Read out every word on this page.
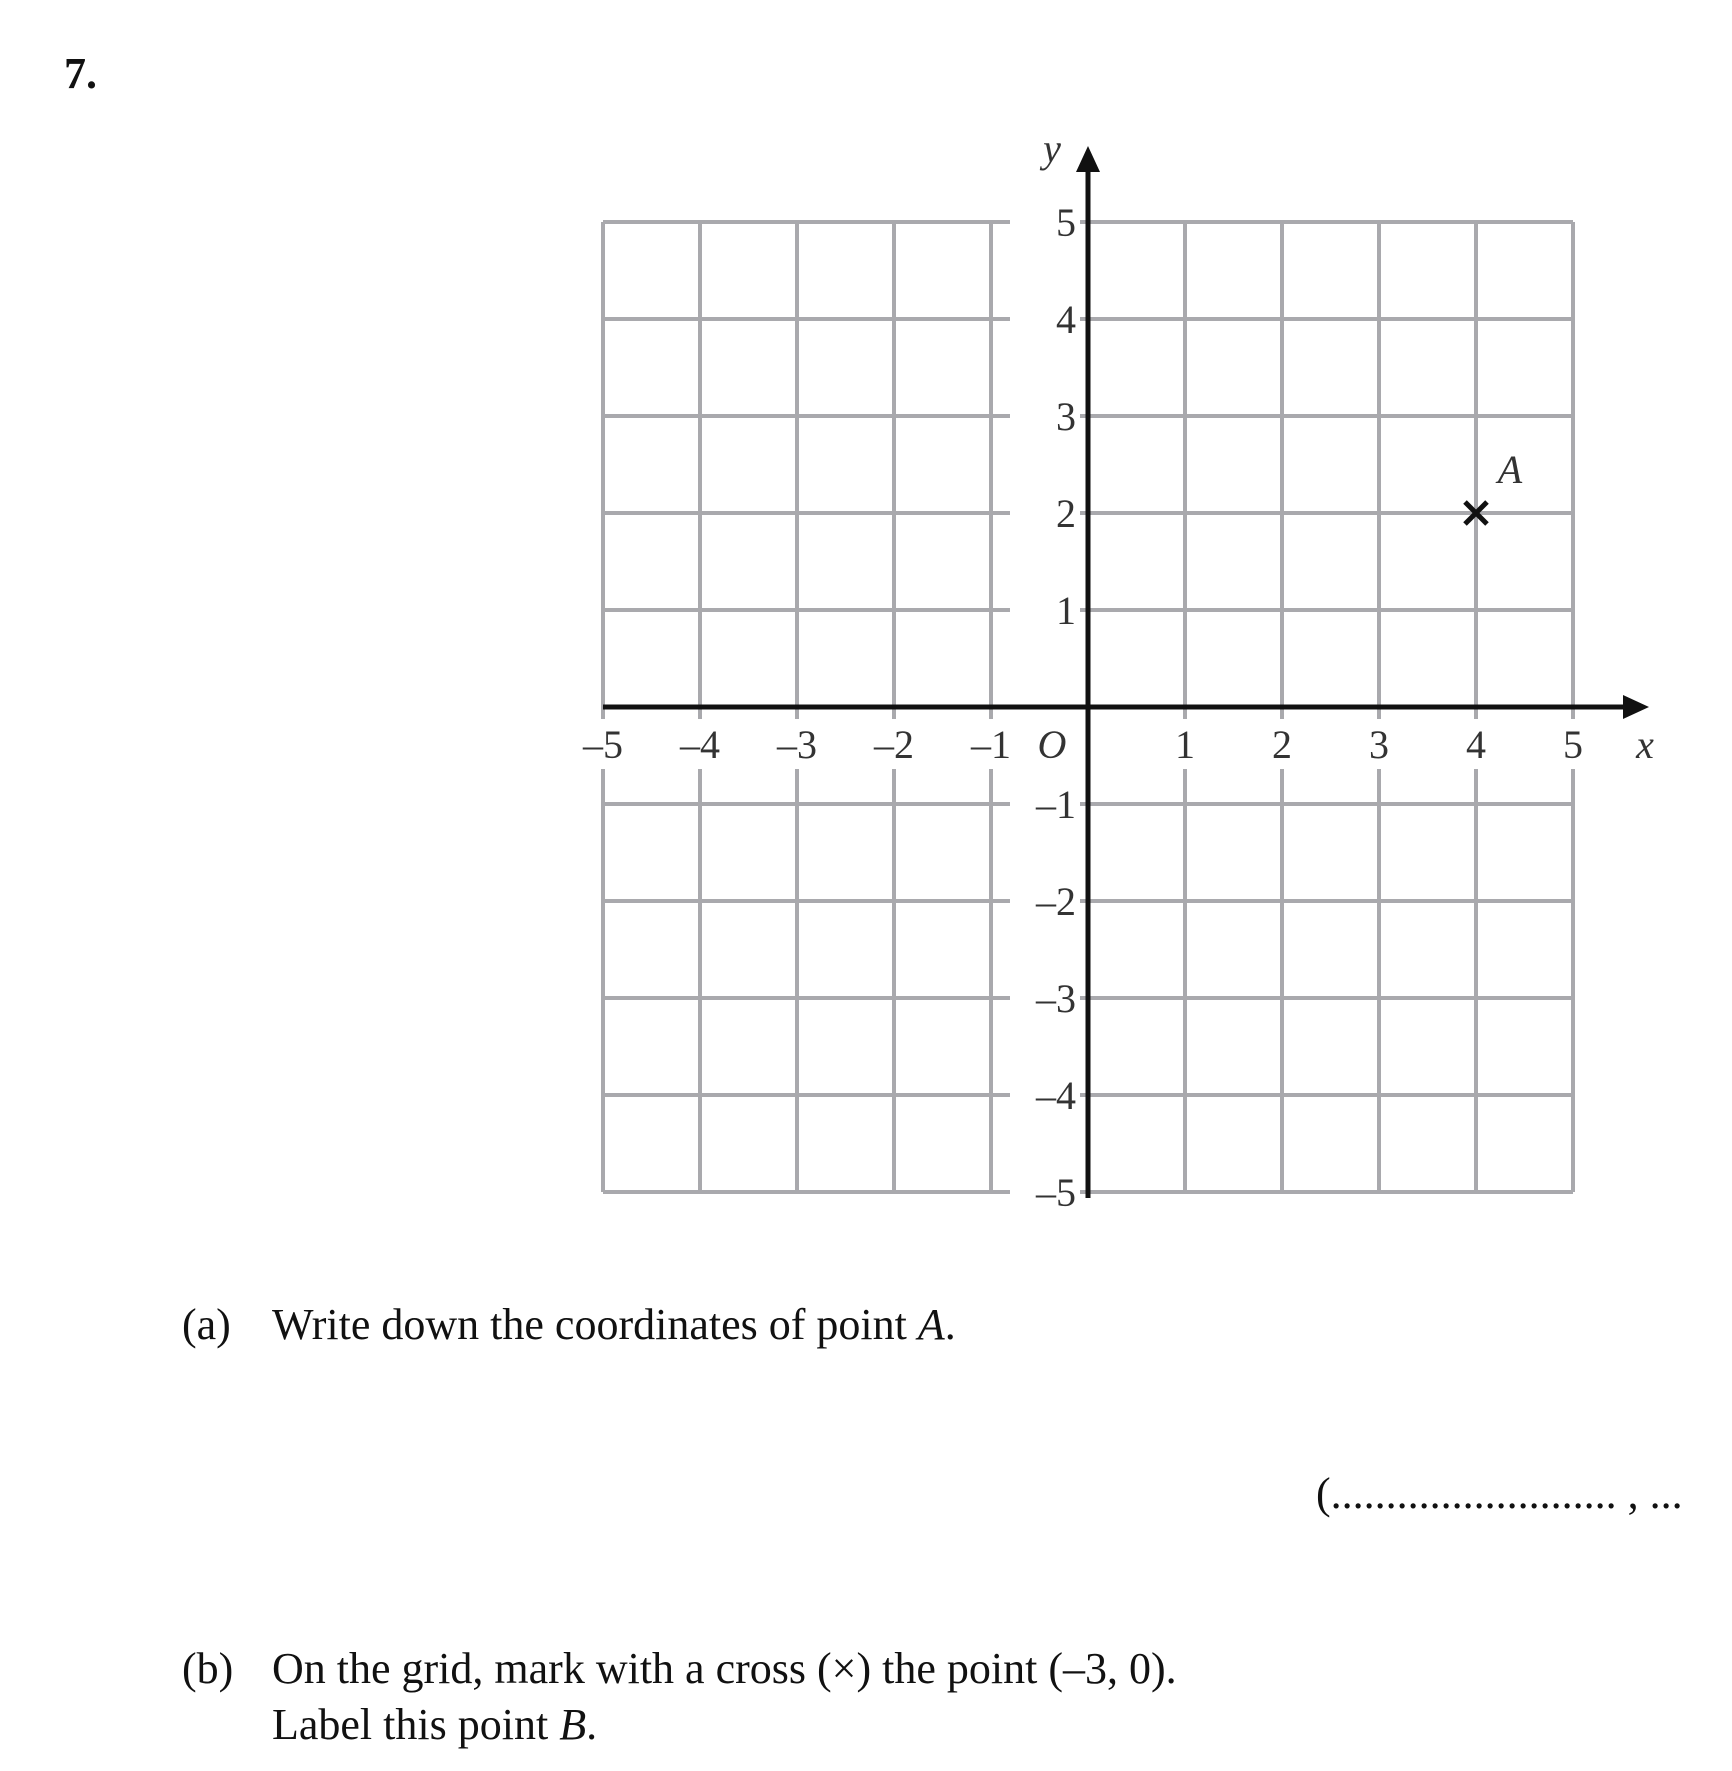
7.
x
y
–5 –4 –3 –2 –1	1 2 3 4 5
5
4
3
2
1
–1
–2
–3
–4
–5
O
A
(a) Write down the coordinates of point A.
(.......................... , ...
(b) On the grid, mark with a cross (×) the point (–3, 0).
Label this point B.
